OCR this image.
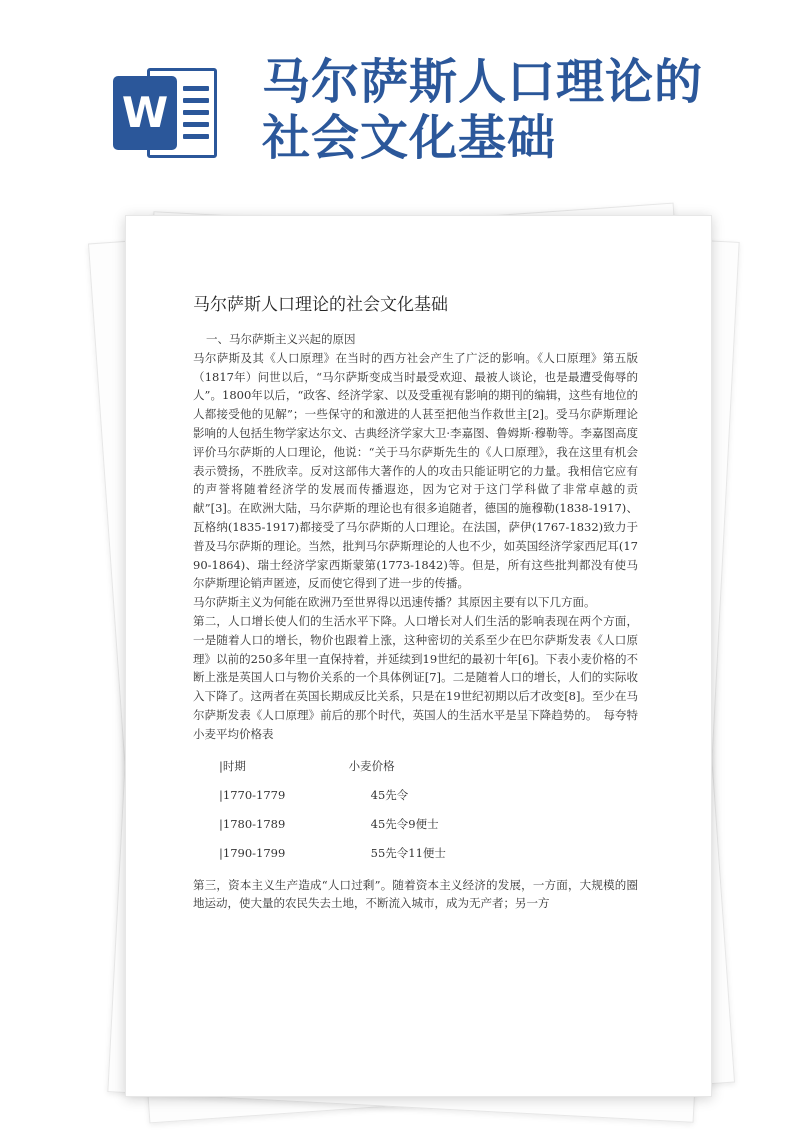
W
马尔萨斯人口理论的社会文化基础
马尔萨斯人口理论的社会文化基础

一、马尔萨斯主义兴起的原因

马尔萨斯及其《人口原理》在当时的西方社会产生了广泛的影响。《人口原理》第五版（1817年）问世以后，“马尔萨斯变成当时最受欢迎、最被人谈论，也是最遭受侮辱的人”。1800年以后，“政客、经济学家、以及受重视有影响的期刊的编辑，这些有地位的人都接受他的见解”；一些保守的和激进的人甚至把他当作救世主[2]。受马尔萨斯理论影响的人包括生物学家达尔文、古典经济学家大卫·李嘉图、鲁姆斯·穆勒等。李嘉图高度评价马尔萨斯的人口理论，他说：“关于马尔萨斯先生的《人口原理》，我在这里有机会表示赞扬，不胜欣幸。反对这部伟大著作的人的攻击只能证明它的力量。我相信它应有的声誉将随着经济学的发展而传播遐迩，因为它对于这门学科做了非常卓越的贡献”[3]。在欧洲大陆，马尔萨斯的理论也有很多追随者，德国的施穆勒(1838-1917)、瓦格纳(1835-1917)都接受了马尔萨斯的人口理论。在法国，萨伊(1767-1832)致力于普及马尔萨斯的理论。当然，批判马尔萨斯理论的人也不少，如英国经济学家西尼耳(1790-1864)、瑞士经济学家西斯蒙第(1773-1842)等。但是，所有这些批判都没有使马尔萨斯理论销声匿迹，反而使它得到了进一步的传播。

马尔萨斯主义为何能在欧洲乃至世界得以迅速传播？其原因主要有以下几方面。

第二，人口增长使人们的生活水平下降。人口增长对人们生活的影响表现在两个方面，一是随着人口的增长，物价也跟着上涨，这种密切的关系至少在巴尔萨斯发表《人口原理》以前的250多年里一直保持着，并延续到19世纪的最初十年[6]。下表小麦价格的不断上涨是英国人口与物价关系的一个具体例证[7]。二是随着人口的增长，人们的实际收入下降了。这两者在英国长期成反比关系，只是在19世纪初期以后才改变[8]。至少在马尔萨斯发表《人口原理》前后的那个时代，英国人的生活水平是呈下降趋势的。　每夸特小麦平均价格表

|时期	小麦价格
|1770-1779	45先令
|1780-1789	45先令9便士
|1790-1799	55先令11便士

第三，资本主义生产造成“人口过剩”。随着资本主义经济的发展，一方面，大规模的圈地运动，使大量的农民失去土地，不断流入城市，成为无产者；另一方
